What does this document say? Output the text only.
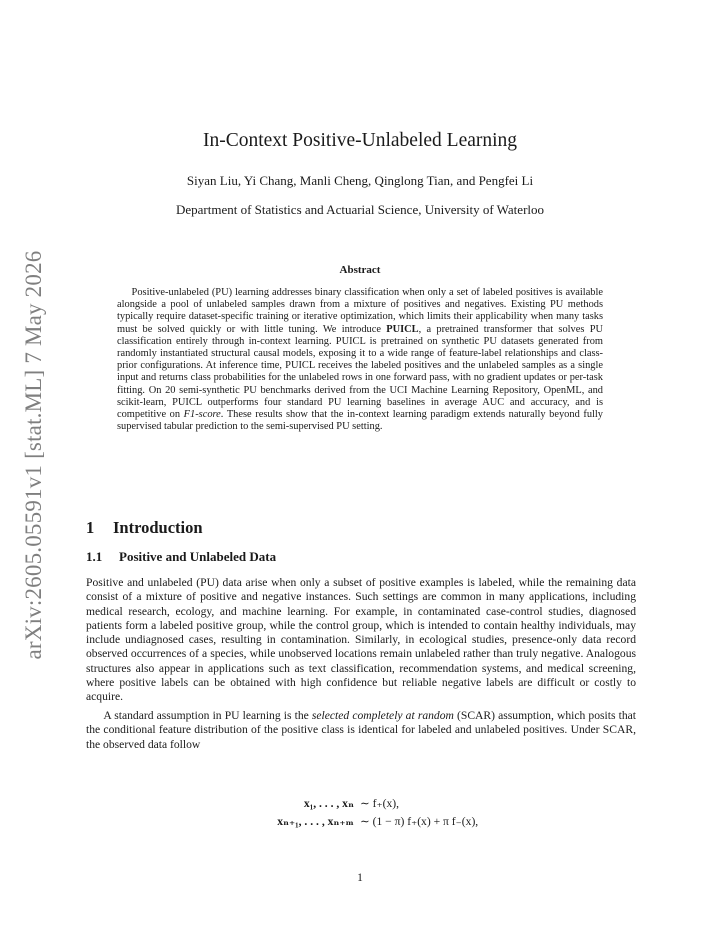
arXiv:2605.05591v1 [stat.ML] 7 May 2026
In-Context Positive-Unlabeled Learning
Siyan Liu, Yi Chang, Manli Cheng, Qinglong Tian, and Pengfei Li
Department of Statistics and Actuarial Science, University of Waterloo
Abstract
Positive-unlabeled (PU) learning addresses binary classification when only a set of labeled positives is available alongside a pool of unlabeled samples drawn from a mixture of positives and negatives. Existing PU methods typically require dataset-specific training or iterative optimization, which limits their applicability when many tasks must be solved quickly or with little tuning. We introduce PUICL, a pretrained transformer that solves PU classification entirely through in-context learning. PUICL is pretrained on synthetic PU datasets generated from randomly instantiated structural causal models, exposing it to a wide range of feature-label relationships and class-prior configurations. At inference time, PUICL receives the labeled positives and the unlabeled samples as a single input and returns class probabilities for the unlabeled rows in one forward pass, with no gradient updates or per-task fitting. On 20 semi-synthetic PU benchmarks derived from the UCI Machine Learning Repository, OpenML, and scikit-learn, PUICL outperforms four standard PU learning baselines in average AUC and accuracy, and is competitive on F1-score. These results show that the in-context learning paradigm extends naturally beyond fully supervised tabular prediction to the semi-supervised PU setting.
1 Introduction
1.1 Positive and Unlabeled Data
Positive and unlabeled (PU) data arise when only a subset of positive examples is labeled, while the remaining data consist of a mixture of positive and negative instances. Such settings are common in many applications, including medical research, ecology, and machine learning. For example, in contaminated case-control studies, diagnosed patients form a labeled positive group, while the control group, which is intended to contain healthy individuals, may include undiagnosed cases, resulting in contamination. Similarly, in ecological studies, presence-only data record observed occurrences of a species, while unobserved locations remain unlabeled rather than truly negative. Analogous structures also appear in applications such as text classification, recommendation systems, and medical screening, where positive labels can be obtained with high confidence but reliable negative labels are difficult or costly to acquire.
A standard assumption in PU learning is the selected completely at random (SCAR) assumption, which posits that the conditional feature distribution of the positive class is identical for labeled and unlabeled positives. Under SCAR, the observed data follow
x₁, . . . , xₙ ∼ f₊(x),
xₙ₊₁, . . . , xₙ₊ₘ ∼ (1 − π) f₊(x) + π f₋(x),
1
